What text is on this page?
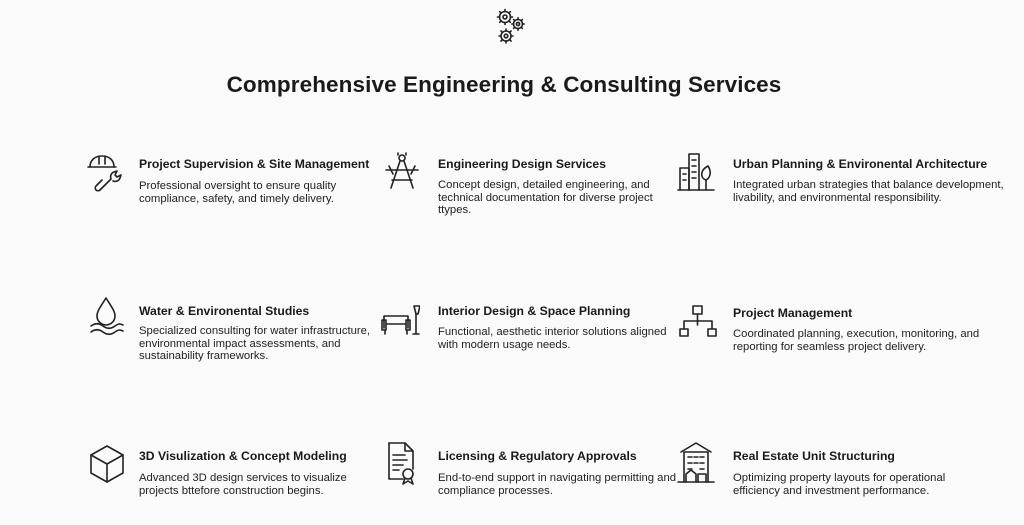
Comprehensive Engineering & Consulting Services
Project Supervision & Site Management

Professional oversight to ensure quality compliance, safety, and timely delivery.

Engineering Design Services

Concept design, detailed engineering, and technical documentation for diverse project ttypes.

Urban Planning & Environental Architecture

Integrated urban strategies that balance development, livability, and environmental responsibility.

Water & Environental Studies

Specialized consulting for water infrastructure, environmental impact assessments, and sustainability frameworks.

Interior Design & Space Planning

Functional, aesthetic interior solutions aligned with modern usage needs.

Project Management

Coordinated planning, execution, monitoring, and reporting for seamless project delivery.

3D Visulization & Concept Modeling

Advanced 3D design services to visualize projects bttefore construction begins.

Licensing & Regulatory Approvals

End-to-end support in navigating permitting and compliance processes.

Real Estate Unit Structuring

Optimizing property layouts for operational efficiency and investment performance.
